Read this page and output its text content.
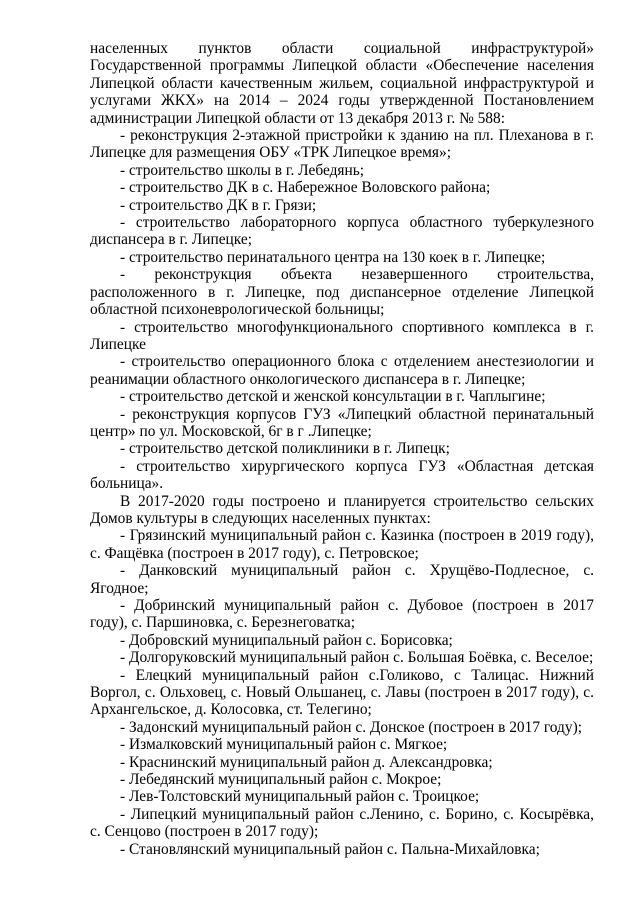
населенных пунктов области социальной инфраструктурой» Государственной программы Липецкой области «Обеспечение населения Липецкой области качественным жильем, социальной инфраструктурой и услугами ЖКХ» на 2014 – 2024 годы утвержденной Постановлением администрации Липецкой области от 13 декабря 2013 г. № 588:

- реконструкция 2-этажной пристройки к зданию на пл. Плеханова в г. Липецке для размещения ОБУ «ТРК Липецкое время»;

- строительство школы в г. Лебедянь;

- строительство ДК в с. Набережное Воловского района;

- строительство ДК в г. Грязи;

- строительство лабораторного корпуса областного туберкулезного диспансера в г. Липецке;

- строительство перинатального центра на 130 коек в г. Липецке;

- реконструкция объекта незавершенного строительства, расположенного в г. Липецке, под диспансерное отделение Липецкой областной психоневрологической больницы;

- строительство многофункционального спортивного комплекса в г. Липецке

- строительство операционного блока с отделением анестезиологии и реанимации областного онкологического диспансера в г. Липецке;

- строительство детской и женской консультации в г. Чаплыгине;

- реконструкция корпусов ГУЗ «Липецкий областной перинатальный центр» по ул. Московской, 6г в г .Липецке;

- строительство детской поликлиники в г. Липецк;

- строительство хирургического корпуса ГУЗ «Областная детская больница».

В 2017-2020 годы построено и планируется строительство сельских Домов культуры в следующих населенных пунктах:

- Грязинский муниципальный район с. Казинка (построен в 2019 году), с. Фащёвка (построен в 2017 году), с. Петровское;

- Данковский муниципальный район с. Хрущёво-Подлесное, с. Ягодное;

- Добринский муниципальный район с. Дубовое (построен в 2017 году), с. Паршиновка, с. Березнеговатка;

- Добровский муниципальный район с. Борисовка;

- Долгоруковский муниципальный район с. Большая Боёвка, с. Веселое;

- Елецкий муниципальный район с.Голиково, с Талицас. Нижний Воргол, с. Ольховец, с. Новый Ольшанец, с. Лавы (построен в 2017 году), с. Архангельское, д. Колосовка, ст. Телегино;

- Задонский муниципальный район с. Донское (построен в 2017 году);

- Измалковский муниципальный район с. Мягкое;

- Краснинский муниципальный район д. Александровка;

- Лебедянский муниципальный район с. Мокрое;

- Лев-Толстовский муниципальный район с. Троицкое;

- Липецкий муниципальный район с.Ленино, с. Борино, с. Косырёвка, с. Сенцово (построен в 2017 году);

- Становлянский муниципальный район с. Пальна-Михайловка;
